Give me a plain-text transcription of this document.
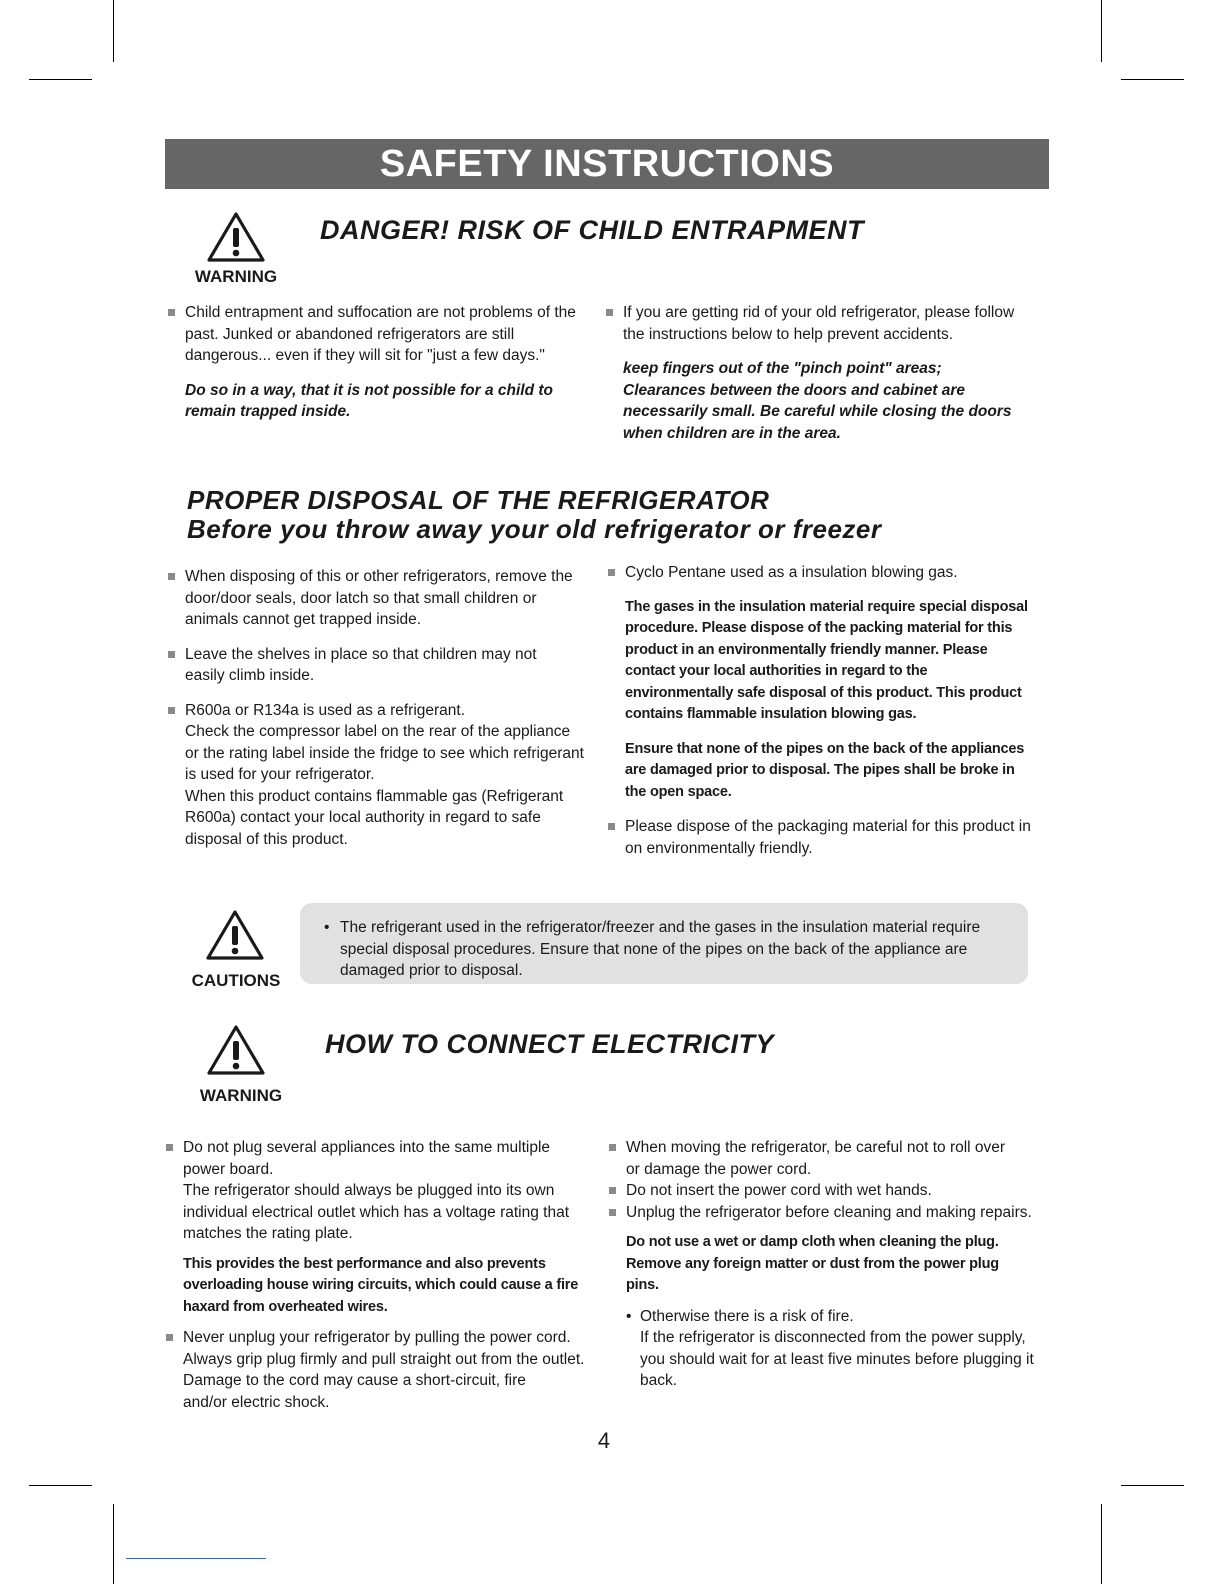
SAFETY INSTRUCTIONS
WARNING
DANGER! RISK OF CHILD ENTRAPMENT

Child entrapment and suffocation are not problems of the past. Junked or abandoned refrigerators are still dangerous... even if they will sit for "just a few days."

Do so in a way, that it is not possible for a child to remain trapped inside.

If you are getting rid of your old refrigerator, please follow the instructions below to help prevent accidents.

keep fingers out of the "pinch point" areas;

Clearances between the doors and cabinet are necessarily small. Be careful while closing the doors when children are in the area.

PROPER DISPOSAL OF THE REFRIGERATOR
Before you throw away your old refrigerator or freezer

When disposing of this or other refrigerators, remove the door/door seals, door latch so that small children or animals cannot get trapped inside.

Leave the shelves in place so that children may not easily climb inside.

R600a or R134a is used as a refrigerant.

Check the compressor label on the rear of the appliance or the rating label inside the fridge to see which refrigerant is used for your refrigerator.

When this product contains flammable gas (Refrigerant R600a) contact your local authority in regard to safe disposal of this product.

Cyclo Pentane used as a insulation blowing gas.

The gases in the insulation material require special disposal procedure. Please dispose of the packing material for this product in an environmentally friendly manner. Please contact your local authorities in regard to the environmentally safe disposal of this product. This product contains flammable insulation blowing gas.

Ensure that none of the pipes on the back of the appliances are damaged prior to disposal. The pipes shall be broke in the open space.

Please dispose of the packaging material for this product in on environmentally friendly.

CAUTIONS
• The refrigerant used in the refrigerator/freezer and the gases in the insulation material require special disposal procedures. Ensure that none of the pipes on the back of the appliance are damaged prior to disposal.

WARNING
HOW TO CONNECT ELECTRICITY

Do not plug several appliances into the same multiple power board.

The refrigerator should always be plugged into its own individual electrical outlet which has a voltage rating that matches the rating plate.

This provides the best performance and also prevents overloading house wiring circuits, which could cause a fire haxard from overheated wires.

Never unplug your refrigerator by pulling the power cord. Always grip plug firmly and pull straight out from the outlet.

Damage to the cord may cause a short-circuit, fire and/or electric shock.

When moving the refrigerator, be careful not to roll over or damage the power cord.

Do not insert the power cord with wet hands.

Unplug the refrigerator before cleaning and making repairs.

Do not use a wet or damp cloth when cleaning the plug.

Remove any foreign matter or dust from the power plug pins.

• Otherwise there is a risk of fire.

If the refrigerator is disconnected from the power supply, you should wait for at least five minutes before plugging it back.

4
